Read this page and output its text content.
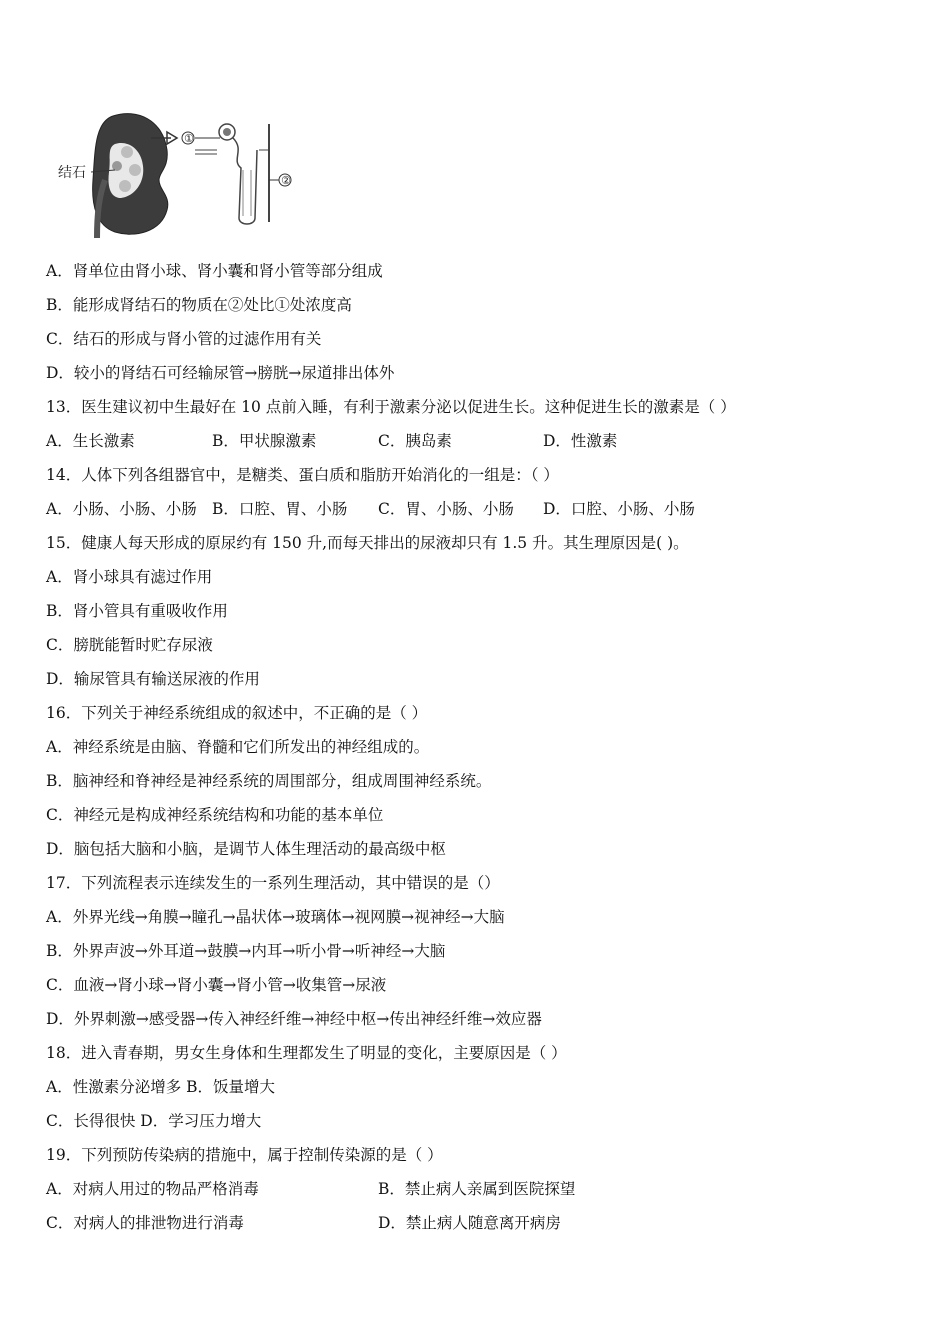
结石
①
②
A．肾单位由肾小球、肾小囊和肾小管等部分组成
B．能形成肾结石的物质在②处比①处浓度高
C．结石的形成与肾小管的过滤作用有关
D．较小的肾结石可经输尿管→膀胱→尿道排出体外
13．医生建议初中生最好在 10 点前入睡，有利于激素分泌以促进生长。这种促进生长的激素是（ ）
A．生长激素	B．甲状腺激素	C．胰岛素	D．性激素
14．人体下列各组器官中，是糖类、蛋白质和脂肪开始消化的一组是：（ ）
A．小肠、小肠、小肠 B．口腔、胃、小肠 C．胃、小肠、小肠 D．口腔、小肠、小肠
15．健康人每天形成的原尿约有 150 升,而每天排出的尿液却只有 1.5 升。其生理原因是( )。
A．肾小球具有滤过作用
B．肾小管具有重吸收作用
C．膀胱能暂时贮存尿液
D．输尿管具有输送尿液的作用
16．下列关于神经系统组成的叙述中，不正确的是（ ）
A．神经系统是由脑、脊髓和它们所发出的神经组成的。
B．脑神经和脊神经是神经系统的周围部分，组成周围神经系统。
C．神经元是构成神经系统结构和功能的基本单位
D．脑包括大脑和小脑，是调节人体生理活动的最高级中枢
17．下列流程表示连续发生的一系列生理活动，其中错误的是（）
A．外界光线→角膜→瞳孔→晶状体→玻璃体→视网膜→视神经→大脑
B．外界声波→外耳道→鼓膜→内耳→听小骨→听神经→大脑
C．血液→肾小球→肾小囊→肾小管→收集管→尿液
D．外界刺激→感受器→传入神经纤维→神经中枢→传出神经纤维→效应器
18．进入青春期，男女生身体和生理都发生了明显的变化，主要原因是（ ）
A．性激素分泌增多 B．饭量增大
C．长得很快 D．学习压力增大
19．下列预防传染病的措施中，属于控制传染源的是（ ）
A．对病人用过的物品严格消毒	B．禁止病人亲属到医院探望
C．对病人的排泄物进行消毒	D．禁止病人随意离开病房
